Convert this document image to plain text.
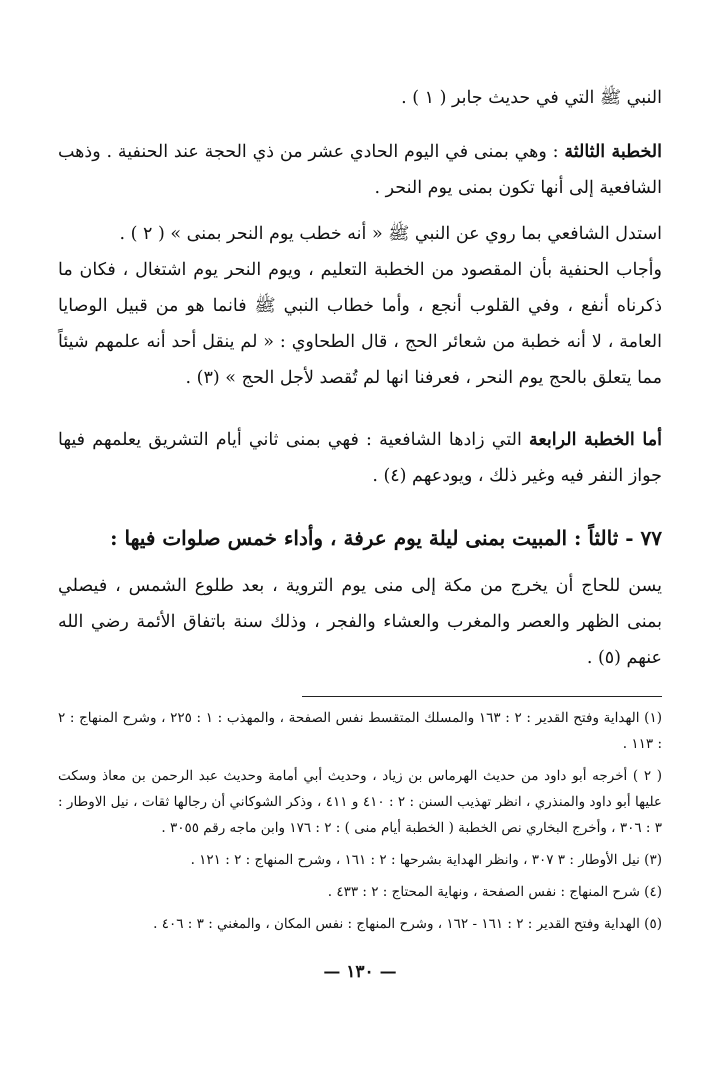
النبي ﷺ التي في حديث جابر ( ١ ) .

الخطبة الثالثة : وهي بمنى في اليوم الحادي عشر من ذي الحجة عند الحنفية . وذهب الشافعية إلى أنها تكون بمنى يوم النحر .

استدل الشافعي بما روي عن النبي ﷺ « أنه خطب يوم النحر بمنى » ( ٢ ) .

وأجاب الحنفية بأن المقصود من الخطبة التعليم ، ويوم النحر يوم اشتغال ، فكان ما ذكرناه أنفع ، وفي القلوب أنجع ، وأما خطاب النبي ﷺ فانما هو من قبيل الوصايا العامة ، لا أنه خطبة من شعائر الحج ، قال الطحاوي : « لم ينقل أحد أنه علمهم شيئاً مما يتعلق بالحج يوم النحر ، فعرفنا انها لم تُقصد لأجل الحج » (٣) .

أما الخطبة الرابعة التي زادها الشافعية : فهي بمنى ثاني أيام التشريق يعلمهم فيها جواز النفر فيه وغير ذلك ، ويودعهم (٤) .

٧٧ - ثالثاً : المبيت بمنى ليلة يوم عرفة ، وأداء خمس صلوات فيها :

يسن للحاج أن يخرج من مكة إلى منى يوم التروية ، بعد طلوع الشمس ، فيصلي بمنى الظهر والعصر والمغرب والعشاء والفجر ، وذلك سنة باتفاق الأئمة رضي الله عنهم (٥) .

(١) الهداية وفتح القدير : ٢ : ١٦٣ والمسلك المتقسط نفس الصفحة ، والمهذب : ١ : ٢٢٥ ، وشرح المنهاج : ٢ : ١١٣ .

( ٢ ) أخرجه أبو داود من حديث الهرماس بن زياد ، وحديث أبي أمامة وحديث عبد الرحمن بن معاذ وسكت عليها أبو داود والمنذري ، انظر تهذيب السنن : ٢ : ٤١٠ و ٤١١ ، وذكر الشوكاني أن رجالها ثقات ، نيل الاوطار : ٣ : ٣٠٦ ، وأخرج البخاري نص الخطبة ( الخطبة أيام منى ) : ٢ : ١٧٦ وابن ماجه رقم ٣٠٥٥ .

(٣) نيل الأوطار : ٣ ٣٠٧ ، وانظر الهداية بشرحها : ٢ : ١٦١ ، وشرح المنهاج : ٢ : ١٢١ .

(٤) شرح المنهاج : نفس الصفحة ، ونهاية المحتاج : ٢ : ٤٣٣ .

(٥) الهداية وفتح القدير : ٢ : ١٦١ - ١٦٢ ، وشرح المنهاج : نفس المكان ، والمغني : ٣ : ٤٠٦ .

— ١٣٠ —
